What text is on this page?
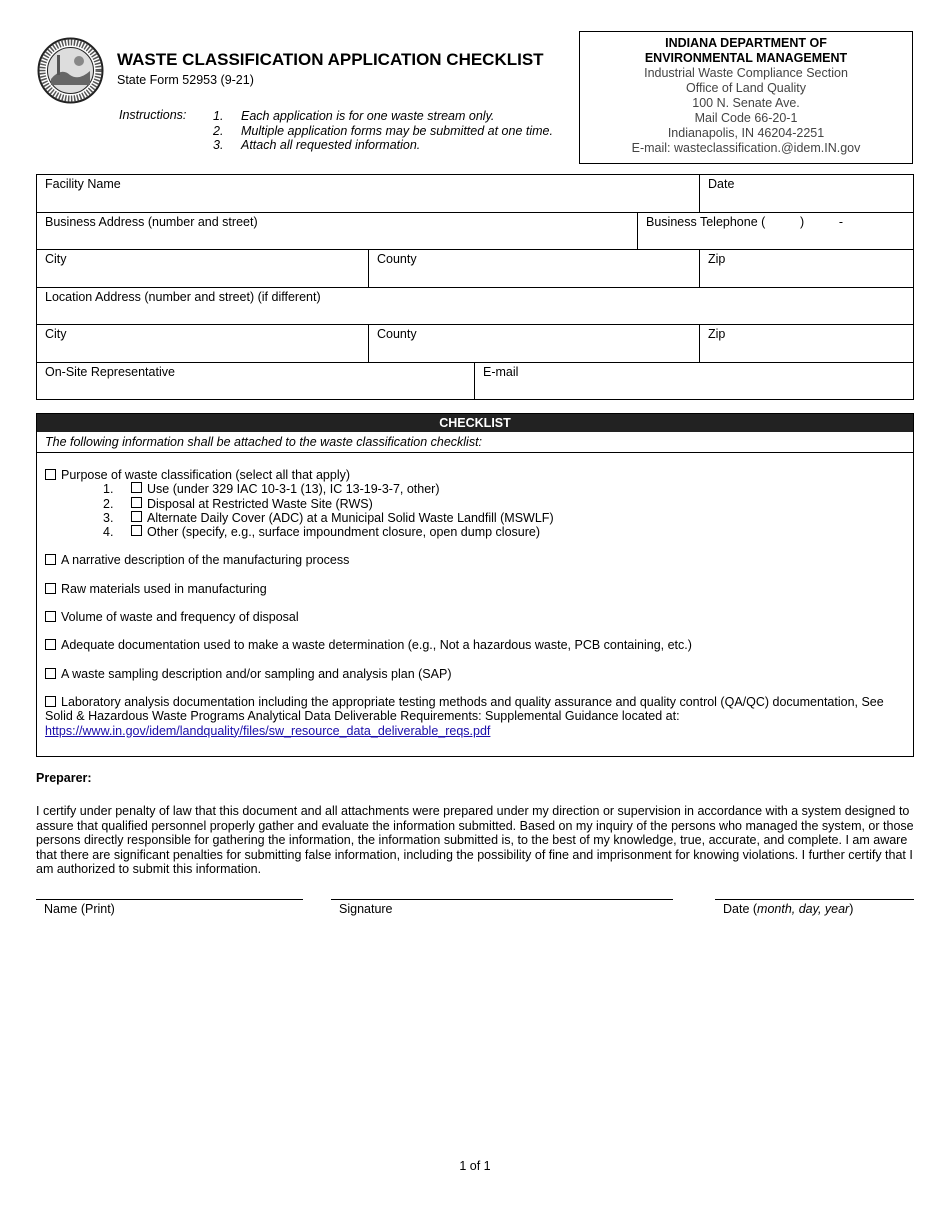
WASTE CLASSIFICATION APPLICATION CHECKLIST
State Form 52953 (9-21)
Instructions: 1.	Each application is for one waste stream only.
2.	Multiple application forms may be submitted at one time.
3.	Attach all requested information.
INDIANA DEPARTMENT OF
ENVIRONMENTAL MANAGEMENT
Industrial Waste Compliance Section
Office of Land Quality
100 N. Senate Ave.
Mail Code 66-20-1
Indianapolis, IN 46204-2251
E-mail: wasteclassification.@idem.IN.gov
Facility Name	Date
Business Address (number and street)	Business Telephone (          )          -
City	County	Zip
Location Address (number and street) (if different)
City	County	Zip
On-Site Representative	E-mail
CHECKLIST
The following information shall be attached to the waste classification checklist:
Purpose of waste classification (select all that apply)
1.	Use (under 329 IAC 10-3-1 (13), IC 13-19-3-7, other)
2.	Disposal at Restricted Waste Site (RWS)
3.	Alternate Daily Cover (ADC) at a Municipal Solid Waste Landfill (MSWLF)
4.	Other (specify, e.g., surface impoundment closure, open dump closure)
A narrative description of the manufacturing process
Raw materials used in manufacturing
Volume of waste and frequency of disposal
Adequate documentation used to make a waste determination (e.g., Not a hazardous waste, PCB containing, etc.)
A waste sampling description and/or sampling and analysis plan (SAP)
Laboratory analysis documentation including the appropriate testing methods and quality assurance and quality control (QA/QC) documentation, See Solid & Hazardous Waste Programs Analytical Data Deliverable Requirements: Supplemental Guidance located at:
https://www.in.gov/idem/landquality/files/sw_resource_data_deliverable_reqs.pdf
Preparer:
I certify under penalty of law that this document and all attachments were prepared under my direction or supervision in accordance with a system designed to assure that qualified personnel properly gather and evaluate the information submitted. Based on my inquiry of the persons who managed the system, or those persons directly responsible for gathering the information, the information submitted is, to the best of my knowledge, true, accurate, and complete. I am aware that there are significant penalties for submitting false information, including the possibility of fine and imprisonment for knowing violations. I further certify that I am authorized to submit this information.
Name (Print)	Signature	Date (month, day, year)
1 of 1
